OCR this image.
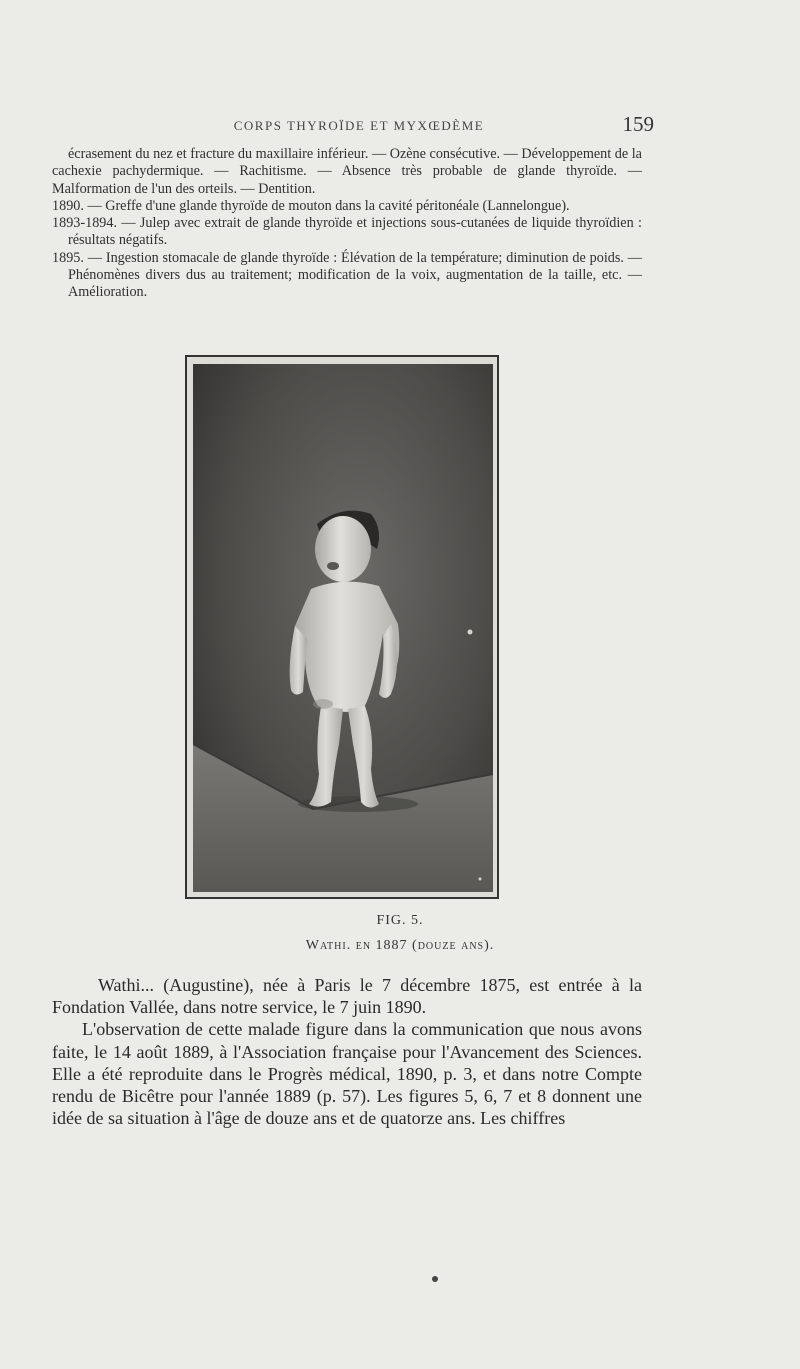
CORPS THYROÏDE ET MYXŒDÈME	159

écrasement du nez et fracture du maxillaire inférieur. — Ozène consécutive. — Développement de la cachexie pachydermique. — Rachitisme. — Absence très probable de glande thyroïde. — Malformation de l'un des orteils. — Dentition.

1890. — Greffe d'une glande thyroïde de mouton dans la cavité péritonéale (Lannelongue).

1893-1894. — Julep avec extrait de glande thyroïde et injections sous-cutanées de liquide thyroïdien : résultats négatifs.

1895. — Ingestion stomacale de glande thyroïde : Élévation de la température; diminution de poids. — Phénomènes divers dus au traitement; modification de la voix, augmentation de la taille, etc. — Amélioration.

FIG. 5.
Wathi. en 1887 (douze ans).

Wathi... (Augustine), née à Paris le 7 décembre 1875, est entrée à la Fondation Vallée, dans notre service, le 7 juin 1890.

L'observation de cette malade figure dans la communication que nous avons faite, le 14 août 1889, à l'Association française pour l'Avancement des Sciences. Elle a été reproduite dans le Progrès médical, 1890, p. 3, et dans notre Compte rendu de Bicêtre pour l'année 1889 (p. 57). Les figures 5, 6, 7 et 8 donnent une idée de sa situation à l'âge de douze ans et de quatorze ans. Les chiffres
